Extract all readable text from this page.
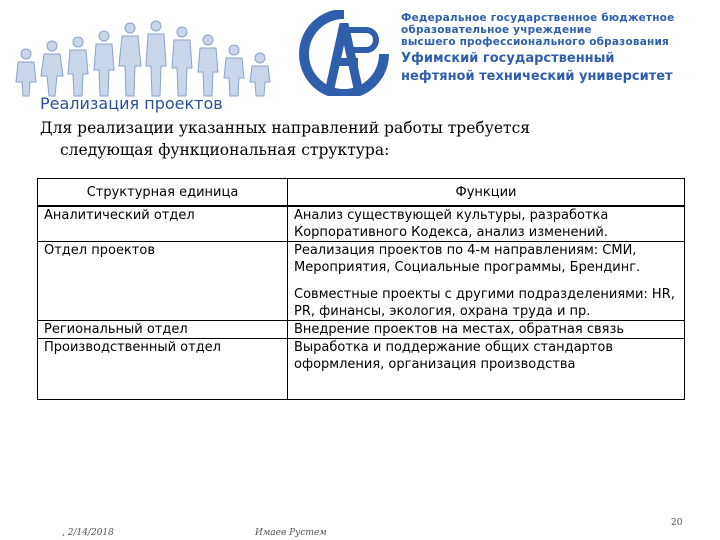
Федеральное государственное бюджетное
образовательное учреждение
высшего профессионального образования
Уфимский государственный
нефтяной технический университет
Реализация проектов
Для реализации указанных направлений работы требуется
следующая функциональная структура:
Структурная единица	Функции
Аналитический отдел	Анализ существующей культуры, разработка Корпоративного Кодекса, анализ изменений.

Отдел проектов	Реализация проектов по 4-м направлениям: СМИ, Мероприятия, Социальные программы, Брендинг.
Совместные проекты с другими подразделениями: HR, PR, финансы, экология, охрана труда и пр.

Региональный отдел	Внедрение проектов на местах, обратная связь

Производственный отдел	Выработка и поддержание общих стандартов оформления, организация производства
, 2/14/2018	Имаев Рустем
20
